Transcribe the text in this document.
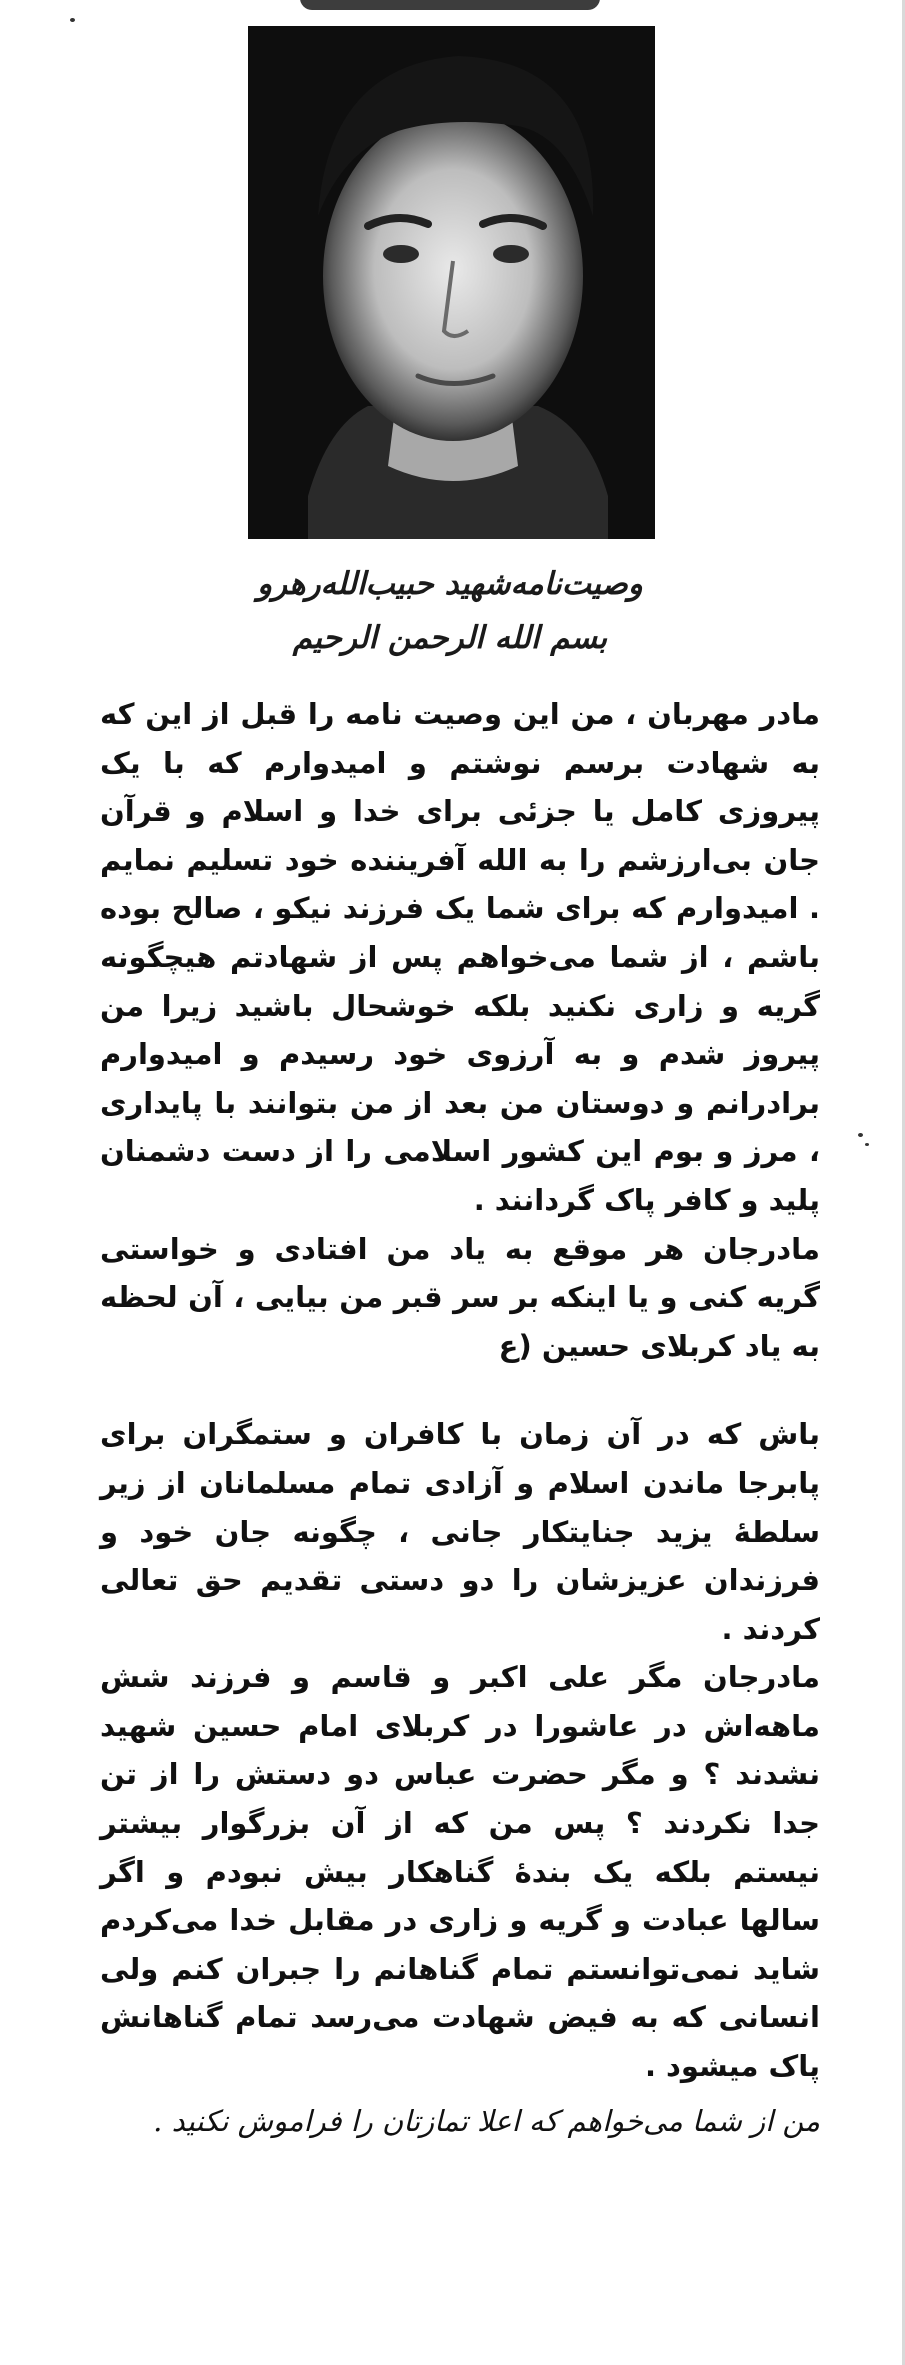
وصیت‌نامه‌شهید حبیب‌الله‌رهرو
بسم الله الرحمن الرحیم

مادر مهربان ، من این وصیت نامه را قبل از این که به شهادت برسم نوشتم و امیدوارم که با یک پیروزی کامل یا جزئی برای خدا و اسلام و قرآن جان بی‌ارزشم را به الله آفریننده خود تسلیم نمایم . امیدوارم که برای شما یک فرزند نیکو ، صالح بوده باشم ، از شما می‌خواهم پس از شهادتم هیچگونه گریه و زاری نکنید بلکه خوشحال باشید زیرا من پیروز شدم و به آرزوی خود رسیدم و امیدوارم برادرانم و دوستان من بعد از من بتوانند با پایداری ، مرز و بوم این کشور اسلامی را از دست دشمنان پلید و کافر پاک گردانند .

مادرجان هر موقع به یاد من افتادی و خواستی گریه کنی و یا اینکه بر سر قبر من بیایی ، آن لحظه به یاد کربلای حسین (ع

باش که در آن زمان با کافران و ستمگران برای پابرجا ماندن اسلام و آزادی تمام مسلمانان از زیر سلطهٔ یزید جنایتکار جانی ، چگونه جان خود و فرزندان عزیزشان را دو دستی تقدیم حق تعالی کردند .

مادرجان مگر علی اکبر و قاسم و فرزند شش ماهه‌اش در عاشورا در کربلای امام حسین شهید نشدند ؟ و مگر حضرت عباس دو دستش را از تن جدا نکردند ؟ پس من که از آن بزرگوار بیشتر نیستم بلکه یک بندهٔ گناهکار بیش نبودم و اگر سالها عبادت و گریه و زاری در مقابل خدا می‌کردم شاید نمی‌توانستم تمام گناهانم را جبران کنم ولی انسانی که به فیض شهادت می‌رسد تمام گناهانش پاک میشود .

من از شما می‌خواهم که اعلا تمازتان را فراموش نکنید .
